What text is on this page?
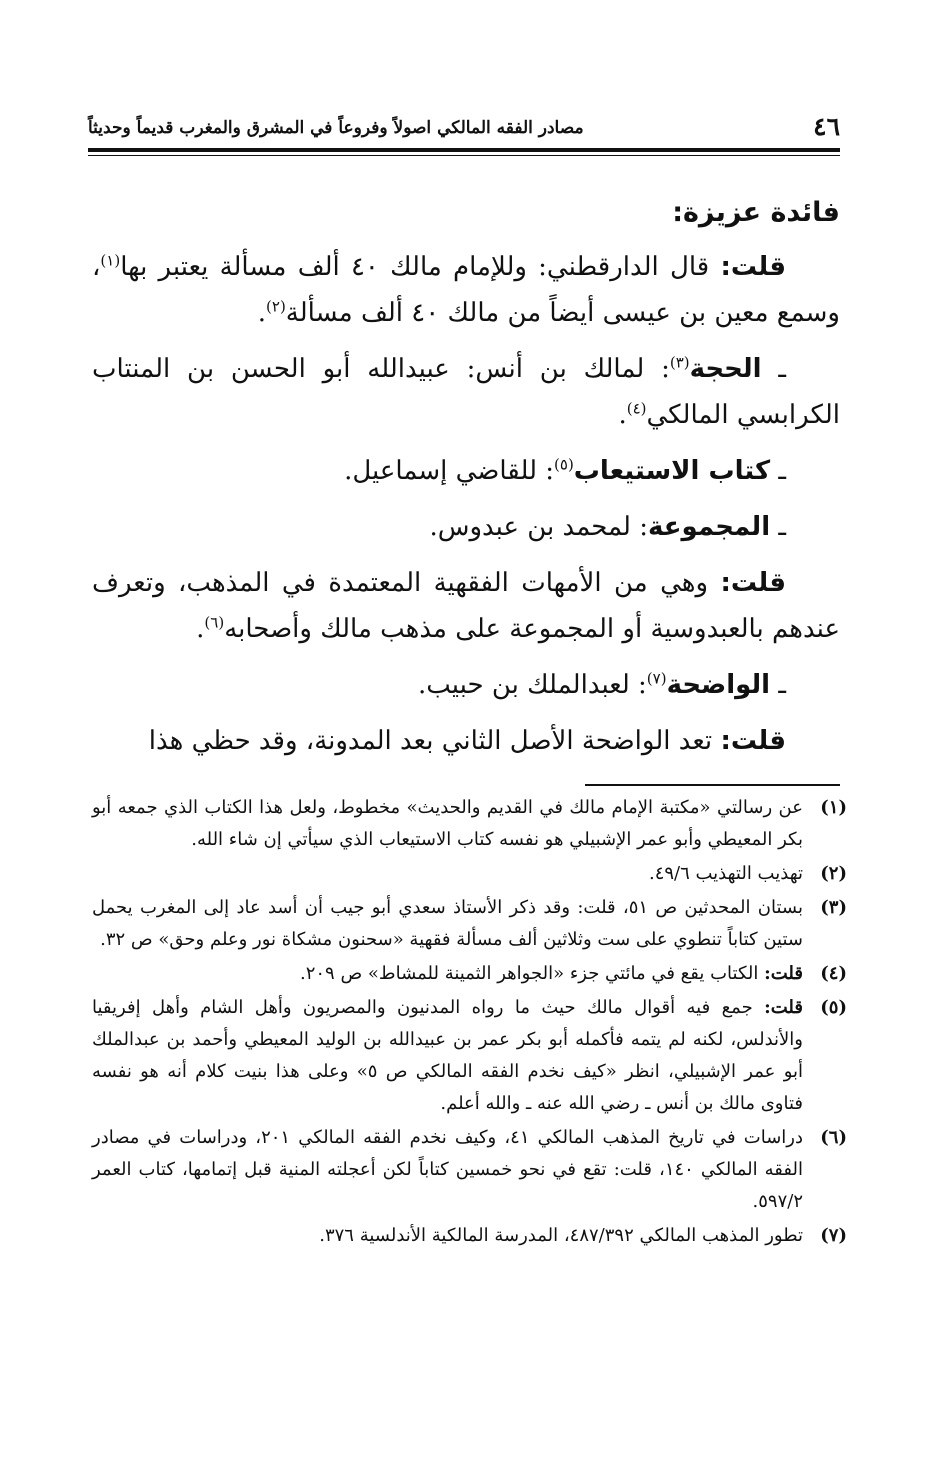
٤٦
مصادر الفقه المالكي اصولاً وفروعاً في المشرق والمغرب قديماً وحديثاً

فائدة عزيزة:

قلت: قال الدارقطني: وللإمام مالك ٤٠ ألف مسألة يعتبر بها$^{(١)}$، وسمع معين بن عيسى أيضاً من مالك ٤٠ ألف مسألة$^{(٢)}$.

ـ الحجة$^{(٣)}$: لمالك بن أنس: عبيدالله أبو الحسن بن المنتاب الكرابسي المالكي$^{(٤)}$.

ـ كتاب الاستيعاب$^{(٥)}$: للقاضي إسماعيل.

ـ المجموعة: لمحمد بن عبدوس.

قلت: وهي من الأمهات الفقهية المعتمدة في المذهب، وتعرف عندهم بالعبدوسية أو المجموعة على مذهب مالك وأصحابه$^{(٦)}$.

ـ الواضحة$^{(٧)}$: لعبدالملك بن حبيب.

قلت: تعد الواضحة الأصل الثاني بعد المدونة، وقد حظي هذا

(١)
عن رسالتي «مكتبة الإمام مالك في القديم والحديث» مخطوط، ولعل هذا الكتاب الذي جمعه أبو بكر المعيطي وأبو عمر الإشبيلي هو نفسه كتاب الاستيعاب الذي سيأتي إن شاء الله.

(٢)
تهذيب التهذيب ٤٩/٦.

(٣)
بستان المحدثين ص ٥١، قلت: وقد ذكر الأستاذ سعدي أبو جيب أن أسد عاد إلى المغرب يحمل ستين كتاباً تنطوي على ست وثلاثين ألف مسألة فقهية «سحنون مشكاة نور وعلم وحق» ص ٣٢.

(٤)
قلت: الكتاب يقع في مائتي جزء «الجواهر الثمينة للمشاط» ص ٢٠٩.

(٥)
قلت: جمع فيه أقوال مالك حيث ما رواه المدنيون والمصريون وأهل الشام وأهل إفريقيا والأندلس، لكنه لم يتمه فأكمله أبو بكر عمر بن عبيدالله بن الوليد المعيطي وأحمد بن عبدالملك أبو عمر الإشبيلي، انظر «كيف نخدم الفقه المالكي ص ٥» وعلى هذا بنيت كلام أنه هو نفسه فتاوى مالك بن أنس ـ رضي الله عنه ـ والله أعلم.

(٦)
دراسات في تاريخ المذهب المالكي ٤١، وكيف نخدم الفقه المالكي ٢٠١، ودراسات في مصادر الفقه المالكي ١٤٠، قلت: تقع في نحو خمسين كتاباً لكن أعجلته المنية قبل إتمامها، كتاب العمر ٥٩٧/٢.

(٧)
تطور المذهب المالكي ٤٨٧/٣٩٢، المدرسة المالكية الأندلسية ٣٧٦.
